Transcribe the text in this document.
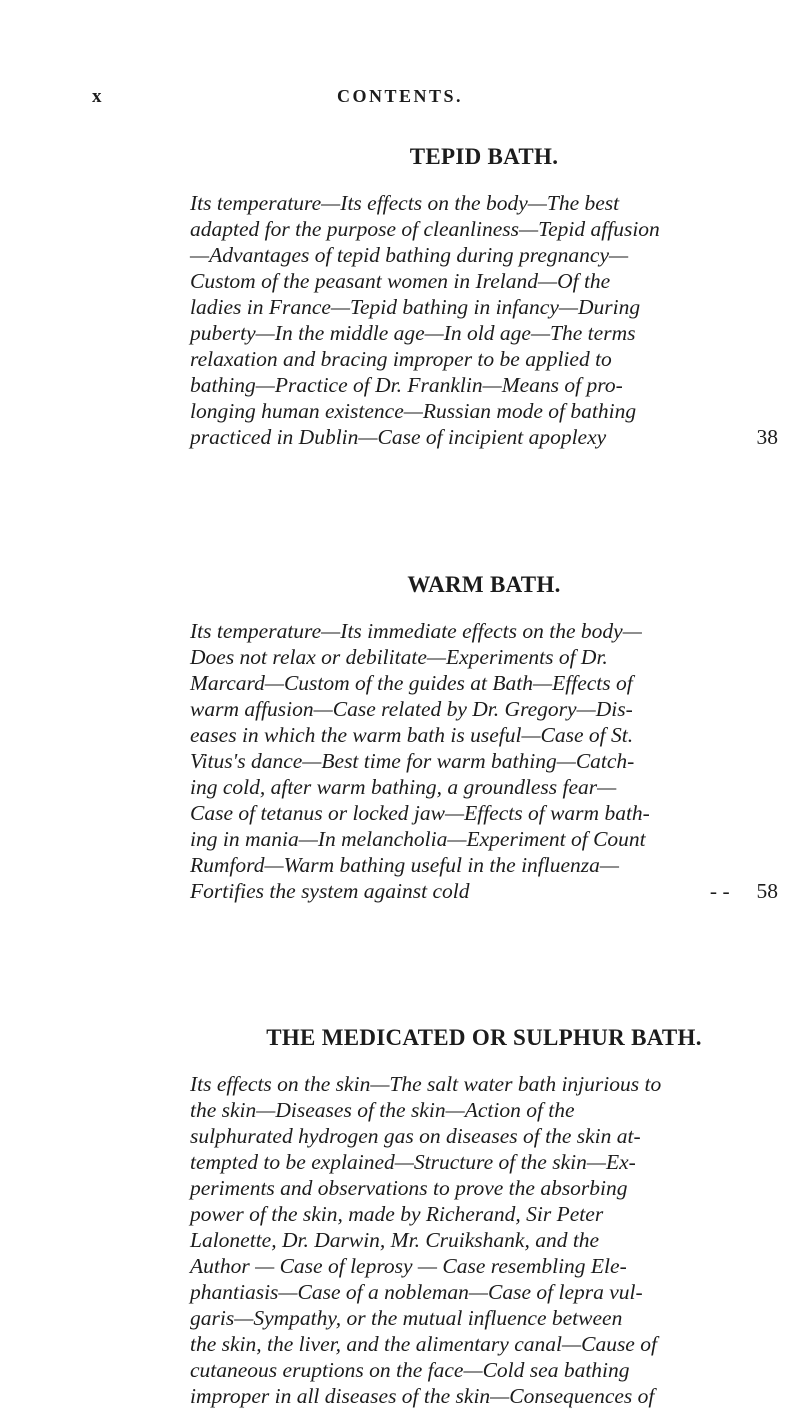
x	CONTENTS.
TEPID BATH.
Its temperature—Its effects on the body—The best
adapted for the purpose of cleanliness—Tepid affusion
—Advantages of tepid bathing during pregnancy—
Custom of the peasant women in Ireland—Of the
ladies in France—Tepid bathing in infancy—During
puberty—In the middle age—In old age—The terms
relaxation and bracing improper to be applied to
bathing—Practice of Dr. Franklin—Means of pro-
longing human existence—Russian mode of bathing
practiced in Dublin—Case of incipient apoplexy	38
WARM BATH.
Its temperature—Its immediate effects on the body—
Does not relax or debilitate—Experiments of Dr.
Marcard—Custom of the guides at Bath—Effects of
warm affusion—Case related by Dr. Gregory—Dis-
eases in which the warm bath is useful—Case of St.
Vitus's dance—Best time for warm bathing—Catch-
ing cold, after warm bathing, a groundless fear—
Case of tetanus or locked jaw—Effects of warm bath-
ing in mania—In melancholia—Experiment of Count
Rumford—Warm bathing useful in the influenza—
Fortifies the system against cold	- - 58
THE MEDICATED OR SULPHUR BATH.
Its effects on the skin—The salt water bath injurious to
the skin—Diseases of the skin—Action of the
sulphurated hydrogen gas on diseases of the skin at-
tempted to be explained—Structure of the skin—Ex-
periments and observations to prove the absorbing
power of the skin, made by Richerand, Sir Peter
Lalonette, Dr. Darwin, Mr. Cruikshank, and the
Author — Case of leprosy — Case resembling Ele-
phantiasis—Case of a nobleman—Case of lepra vul-
garis—Sympathy, or the mutual influence between
the skin, the liver, and the alimentary canal—Cause of
cutaneous eruptions on the face—Cold sea bathing
improper in all diseases of the skin—Consequences of
